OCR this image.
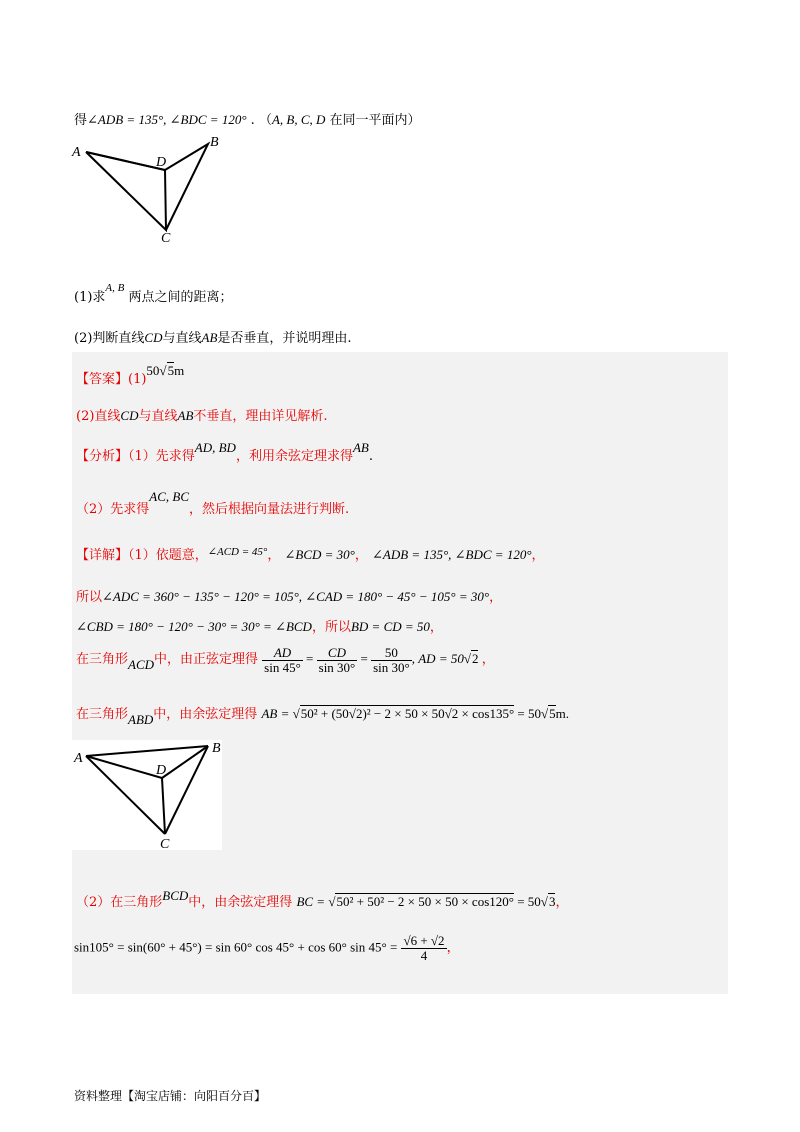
得∠ADB = 135°, ∠BDC = 120° . （A, B, C, D 在同一平面内）
A
B
D
C
(1)求$^{A, B}$ 两点之间的距离；
(2)判断直线CD与直线AB是否垂直，并说明理由.
【答案】(1)50√5m
(2)直线CD与直线AB不垂直，理由详见解析.
【分析】（1）先求得AD, BD，利用余弦定理求得AB.
（2）先求得AC, BC，然后根据向量法进行判断.
【详解】（1）依题意，$^{\angle ACD = 45^\circ}$， ∠BCD = 30°， ∠ADB = 135°, ∠BDC = 120°，
所以∠ADC = 360° − 135° − 120° = 105°, ∠CAD = 180° − 45° − 105° = 30°，
∠CBD = 180° − 120° − 30° = 30° = ∠BCD，所以BD = CD = 50，
在三角形ACD中，由正弦定理得 $\frac{AD}{\sin 45^\circ} = \frac{CD}{\sin 30^\circ} = \frac{50}{\sin 30^\circ}$ , AD = 50√2 ，
在三角形ABD中，由余弦定理得 AB = √50² + (50√2)² − 2 × 50 × 50√2 × cos135° = 50√5m.
A
B
D
C
（2）在三角形BCD中，由余弦定理得 BC = √50² + 50² − 2 × 50 × 50 × cos120° = 50√3，
sin105° = sin(60° + 45°) = sin 60° cos 45° + cos 60° $\sin 45^\circ = \frac{√6 + √2}{4}$ ，
资料整理【淘宝店铺：向阳百分百】
